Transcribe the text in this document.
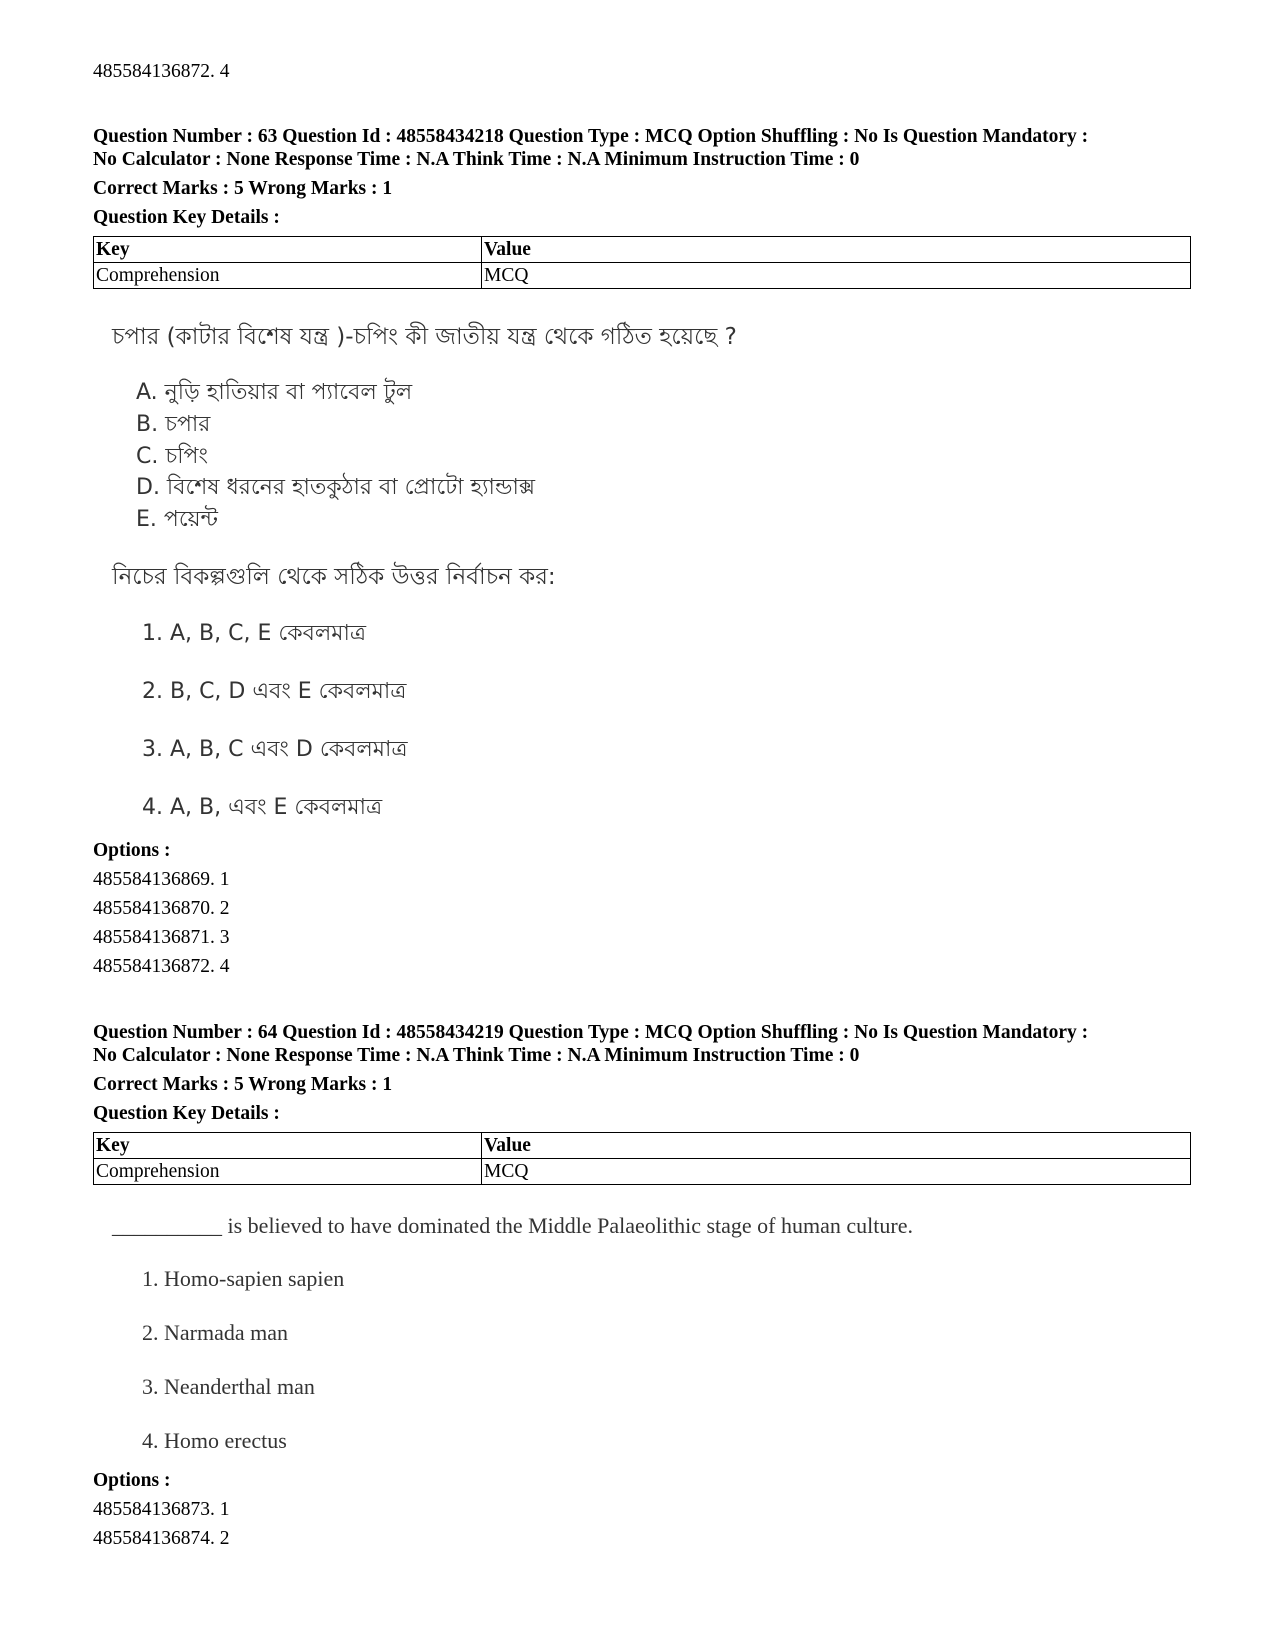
485584136872. 4
Question Number : 63 Question Id : 48558434218 Question Type : MCQ Option Shuffling : No Is Question Mandatory :
No Calculator : None Response Time : N.A Think Time : N.A Minimum Instruction Time : 0
Correct Marks : 5 Wrong Marks : 1
Question Key Details :
Key	Value
Comprehension	MCQ
চপার (কাটার বিশেষ যন্ত্র )-চপিং কী জাতীয় যন্ত্র থেকে গঠিত হয়েছে ?
A. নুড়ি হাতিয়ার বা প্যাবেল টুল
B. চপার
C. চপিং
D. বিশেষ ধরনের হাতকুঠার বা প্রোটো হ্যান্ডাক্স
E. পয়েন্ট
নিচের বিকল্পগুলি থেকে সঠিক উত্তর নির্বাচন কর:
1. A, B, C, E কেবলমাত্র
2. B, C, D এবং E কেবলমাত্র
3. A, B, C এবং D কেবলমাত্র
4. A, B, এবং E কেবলমাত্র
Options :
485584136869. 1
485584136870. 2
485584136871. 3
485584136872. 4
Question Number : 64 Question Id : 48558434219 Question Type : MCQ Option Shuffling : No Is Question Mandatory :
No Calculator : None Response Time : N.A Think Time : N.A Minimum Instruction Time : 0
Correct Marks : 5 Wrong Marks : 1
Question Key Details :
Key	Value
Comprehension	MCQ
__________ is believed to have dominated the Middle Palaeolithic stage of human culture.
1. Homo-sapien sapien
2. Narmada man
3. Neanderthal man
4. Homo erectus
Options :
485584136873. 1
485584136874. 2
